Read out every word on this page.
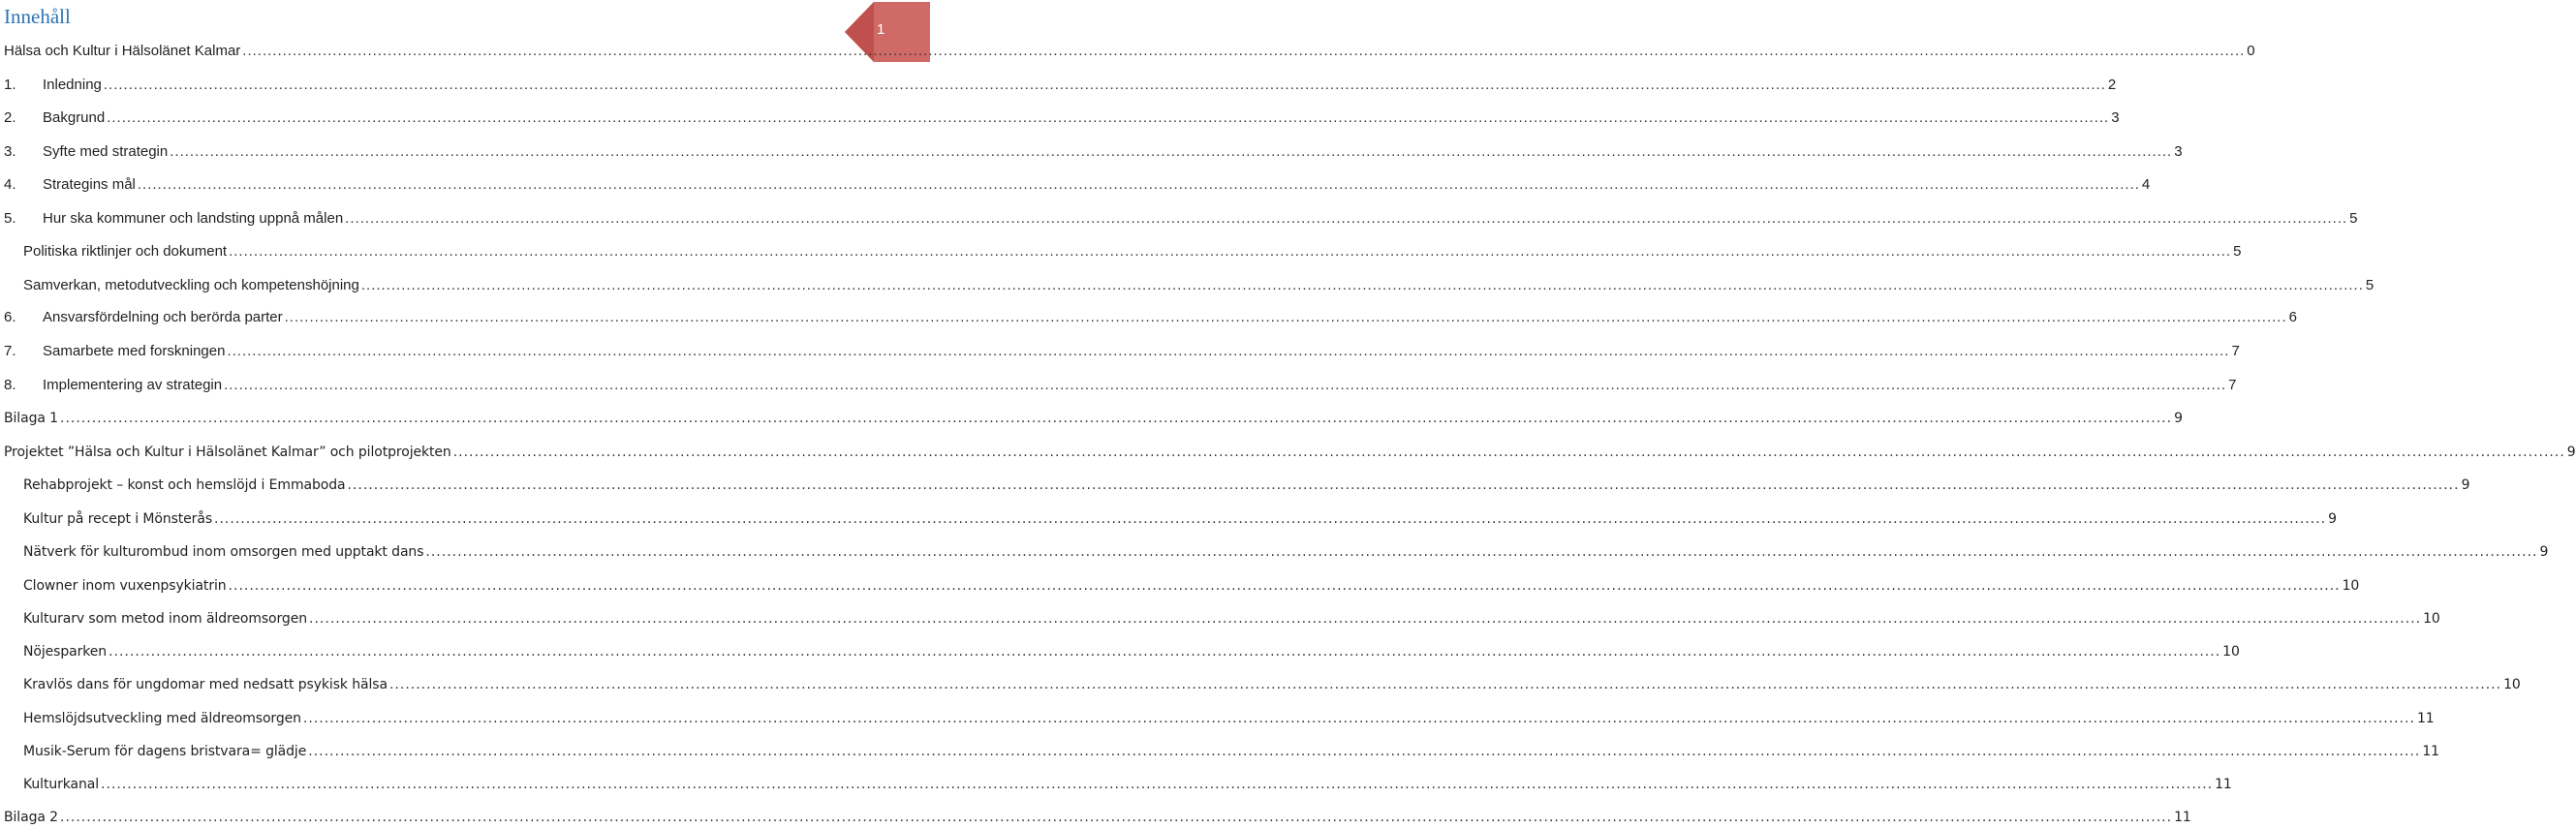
Innehåll
1
Hälsa och Kultur i Hälsolänet Kalmar ................................................................................................................................................................................................................................................................................................................................................................................................................ 0
1. Inledning ................................................................................................................................................................................................................................................................................................................................................................................................................ 2
2. Bakgrund ................................................................................................................................................................................................................................................................................................................................................................................................................ 3
3. Syfte med strategin ................................................................................................................................................................................................................................................................................................................................................................................................................ 3
4. Strategins mål ................................................................................................................................................................................................................................................................................................................................................................................................................ 4
5. Hur ska kommuner och landsting uppnå målen ................................................................................................................................................................................................................................................................................................................................................................................................................ 5
Politiska riktlinjer och dokument ................................................................................................................................................................................................................................................................................................................................................................................................................ 5
Samverkan, metodutveckling och kompetenshöjning ................................................................................................................................................................................................................................................................................................................................................................................................................ 5
6. Ansvarsfördelning och berörda parter ................................................................................................................................................................................................................................................................................................................................................................................................................ 6
7. Samarbete med forskningen ................................................................................................................................................................................................................................................................................................................................................................................................................ 7
8. Implementering av strategin ................................................................................................................................................................................................................................................................................................................................................................................................................ 7
Bilaga 1 ................................................................................................................................................................................................................................................................................................................................................................................................................ 9
Projektet ”Hälsa och Kultur i Hälsolänet Kalmar” och pilotprojekten ................................................................................................................................................................................................................................................................................................................................................................................................................ 9
Rehabprojekt – konst och hemslöjd i Emmaboda ................................................................................................................................................................................................................................................................................................................................................................................................................ 9
Kultur på recept i Mönsterås ................................................................................................................................................................................................................................................................................................................................................................................................................ 9
Nätverk för kulturombud inom omsorgen med upptakt dans ................................................................................................................................................................................................................................................................................................................................................................................................................ 9
Clowner inom vuxenpsykiatrin ................................................................................................................................................................................................................................................................................................................................................................................................................ 10
Kulturarv som metod inom äldreomsorgen ................................................................................................................................................................................................................................................................................................................................................................................................................ 10
Nöjesparken ................................................................................................................................................................................................................................................................................................................................................................................................................ 10
Kravlös dans för ungdomar med nedsatt psykisk hälsa ................................................................................................................................................................................................................................................................................................................................................................................................................ 10
Hemslöjdsutveckling med äldreomsorgen ................................................................................................................................................................................................................................................................................................................................................................................................................ 11
Musik-Serum för dagens bristvara= glädje ................................................................................................................................................................................................................................................................................................................................................................................................................ 11
Kulturkanal ................................................................................................................................................................................................................................................................................................................................................................................................................ 11
Bilaga 2 ................................................................................................................................................................................................................................................................................................................................................................................................................ 11
